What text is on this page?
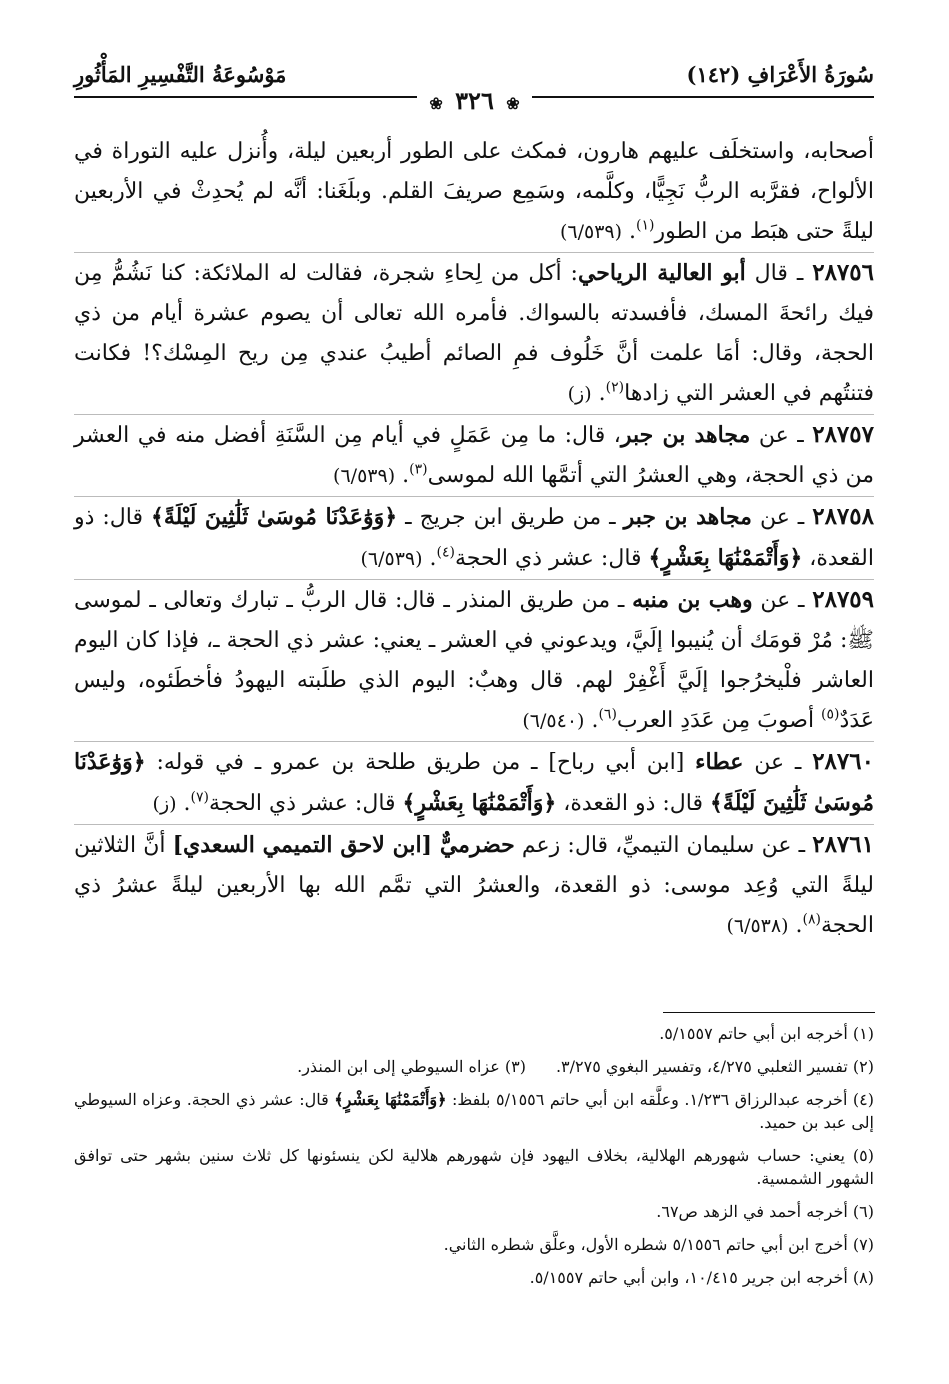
سُورَةُ الأَعْرَافِ (١٤٢)
مَوْسُوعَةُ التَّفْسِيرِ المَأْثُورِ
❀ ٣٢٦ ❀

أصحابه، واستخلَف عليهم هارون، فمكث على الطور أربعين ليلة، وأُنزل عليه التوراة في الألواح، فقرَّبه الربُّ نَجِيًّا، وكلَّمه، وسَمِع صريفَ القلم. وبلَغَنا: أنَّه لم يُحدِثْ في الأربعين ليلةً حتى هبَط من الطور$^{(١)}$. (٦/٥٣٩)

٢٨٧٥٦ ـ قال أبو العالية الرياحي: أكل من لِحاءِ شجرة، فقالت له الملائكة: كنا نَشُمُّ مِن فيك رائحةَ المسك، فأفسدته بالسواك. فأمره الله تعالى أن يصوم عشرة أيام من ذي الحجة، وقال: أمَا علمت أنَّ خَلُوف فمِ الصائم أطيبُ عندي مِن ريح المِسْك؟! فكانت فتنتُهم في العشر التي زادها$^{(٢)}$. (ز)

٢٨٧٥٧ ـ عن مجاهد بن جبر، قال: ما مِن عَمَلٍ في أيام مِن السَّنَةِ أفضل منه في العشر من ذي الحجة، وهي العشرُ التي أتمَّها الله لموسى$^{(٣)}$. (٦/٥٣٩)

٢٨٧٥٨ ـ عن مجاهد بن جبر ـ من طريق ابن جريج ـ ﴿وَوَٰعَدْنَا مُوسَىٰ ثَلَٰثِينَ لَيْلَةً﴾ قال: ذو القعدة، ﴿وَأَتْمَمْنَٰهَا بِعَشْرٍ﴾ قال: عشر ذي الحجة$^{(٤)}$. (٦/٥٣٩)

٢٨٧٥٩ ـ عن وهب بن منبه ـ من طريق المنذر ـ قال: قال الربُّ ـ تبارك وتعالى ـ لموسى ﷺ: مُرْ قومَك أن يُنيبوا إلَيَّ، ويدعوني في العشر ـ يعني: عشر ذي الحجة ـ، فإذا كان اليوم العاشر فلْيخرُجوا إلَيَّ أَغْفِرْ لهم. قال وهبٌ: اليوم الذي طلَبته اليهودُ فأخطَئوه، وليس عَدَدٌ$^{(٥)}$ أصوبَ مِن عَدَدِ العرب$^{(٦)}$. (٦/٥٤٠)

٢٨٧٦٠ ـ عن عطاء [ابن أبي رباح] ـ من طريق طلحة بن عمرو ـ في قوله: ﴿وَوَٰعَدْنَا مُوسَىٰ ثَلَٰثِينَ لَيْلَةً﴾ قال: ذو القعدة، ﴿وَأَتْمَمْنَٰهَا بِعَشْرٍ﴾ قال: عشر ذي الحجة$^{(٧)}$. (ز)

٢٨٧٦١ ـ عن سليمان التيميِّ، قال: زعم حضرميٌّ [ابن لاحق التميمي السعدي] أنَّ الثلاثين ليلةً التي وُعِد موسى: ذو القعدة، والعشرُ التي تمَّم الله بها الأربعين ليلةً عشرُ ذي الحجة$^{(٨)}$. (٦/٥٣٨)

(١) أخرجه ابن أبي حاتم ٥/١٥٥٧.

(٢) تفسير الثعلبي ٤/٢٧٥، وتفسير البغوي ٣/٢٧٥.(٣) عزاه السيوطي إلى ابن المنذر.

(٤) أخرجه عبدالرزاق ١/٢٣٦. وعلَّقه ابن أبي حاتم ٥/١٥٥٦ بلفظ: ﴿وَأَتْمَمْنَٰهَا بِعَشْرٍ﴾ قال: عشر ذي الحجة. وعزاه السيوطي إلى عبد بن حميد.

(٥) يعني: حساب شهورهم الهلالية، بخلاف اليهود فإن شهورهم هلالية لكن ينسئونها كل ثلاث سنين بشهر حتى توافق الشهور الشمسية.

(٦) أخرجه أحمد في الزهد ص٦٧.

(٧) أخرج ابن أبي حاتم ٥/١٥٥٦ شطره الأول، وعلَّق شطره الثاني.

(٨) أخرجه ابن جرير ١٠/٤١٥، وابن أبي حاتم ٥/١٥٥٧.
